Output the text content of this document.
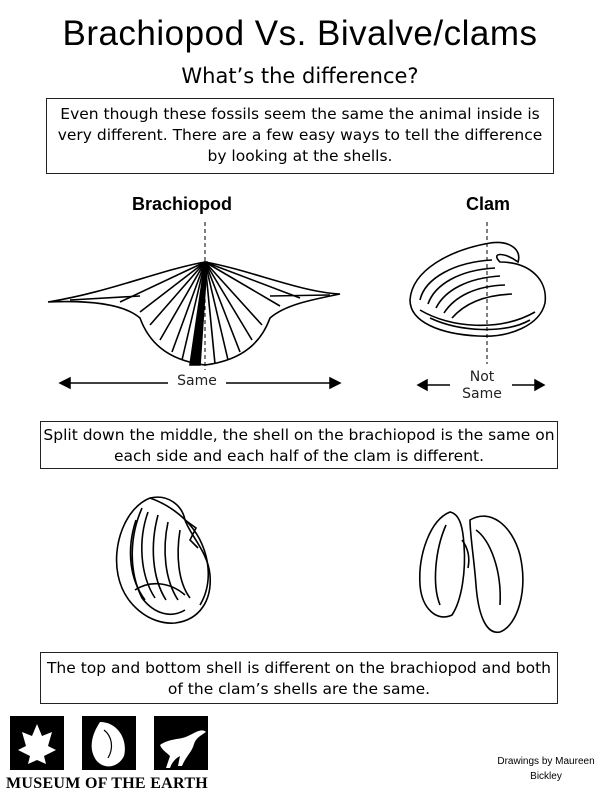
Brachiopod Vs. Bivalve/clams
What’s the difference?
Even though these fossils seem the same the animal inside is very different. There are a few easy ways to tell the difference by looking at the shells.
Brachiopod	Clam
Same	Not Same
Split down the middle, the shell on the brachiopod is the same on each side and each half of the clam is different.
The top and bottom shell is different on the brachiopod and both of the clam’s shells are the same.
MUSEUM OF THE EARTH
Drawings by Maureen Bickley
